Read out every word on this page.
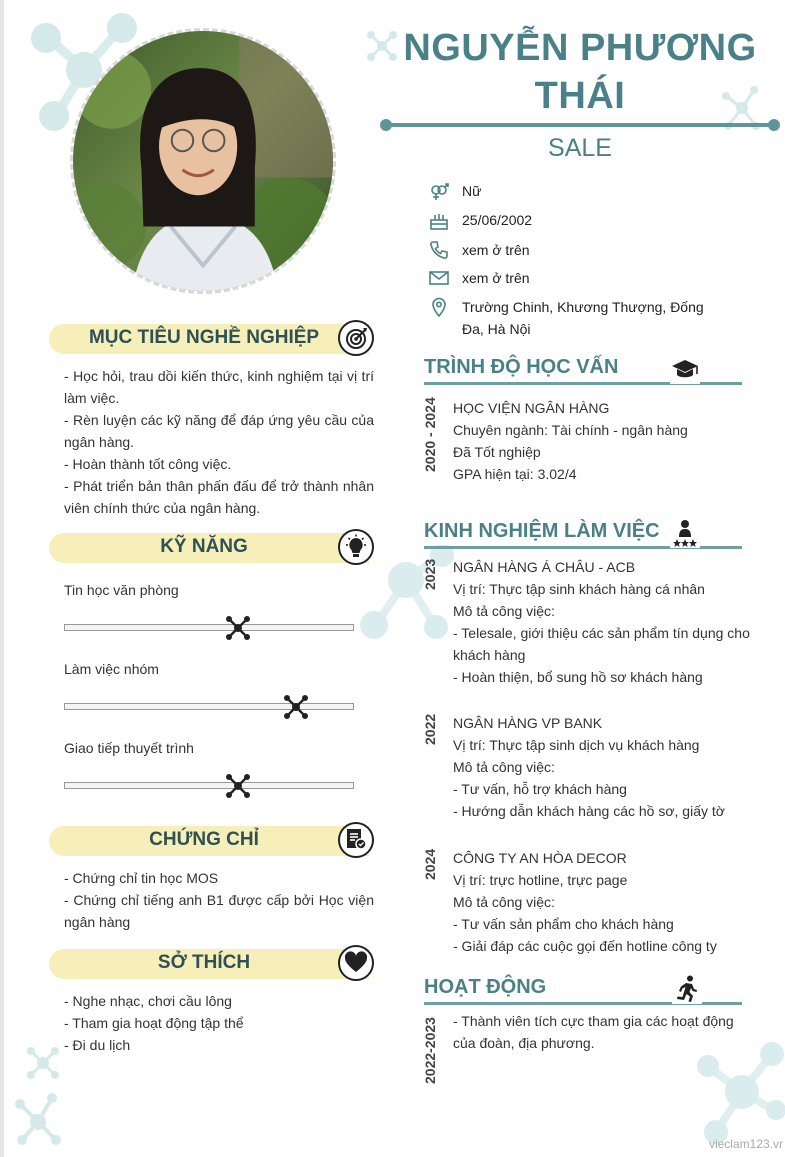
NGUYỄN PHƯƠNG
THÁI
SALE
Nữ
25/06/2002
xem ở trên
xem ở trên
Trường Chinh, Khương Thượng, Đống Đa, Hà Nội
MỤC TIÊU NGHỀ NGHIỆP
- Học hỏi, trau dồi kiến thức, kinh nghiệm tại vị trí làm việc.
- Rèn luyện các kỹ năng để đáp ứng yêu cầu của ngân hàng.
- Hoàn thành tốt công việc.
- Phát triển bản thân phấn đấu để trở thành nhân viên chính thức của ngân hàng.
KỸ NĂNG
Tin học văn phòng
Làm việc nhóm
Giao tiếp thuyết trình
CHỨNG CHỈ
- Chứng chỉ tin học MOS
- Chứng chỉ tiếng anh B1 được cấp bởi Học viện ngân hàng
SỞ THÍCH
- Nghe nhạc, chơi cầu lông
- Tham gia hoạt động tập thể
- Đi du lịch
TRÌNH ĐỘ HỌC VẤN
2020 - 2024 HỌC VIỆN NGÂN HÀNG
Chuyên ngành: Tài chính - ngân hàng
Đã Tốt nghiệp
GPA hiện tại: 3.02/4
KINH NGHIỆM LÀM VIỆC
2023 NGÂN HÀNG Á CHÂU - ACB
Vị trí: Thực tập sinh khách hàng cá nhân
Mô tả công việc:
- Telesale, giới thiệu các sản phẩm tín dụng cho khách hàng
- Hoàn thiện, bổ sung hồ sơ khách hàng
2022 NGÂN HÀNG VP BANK
Vị trí: Thực tập sinh dịch vụ khách hàng
Mô tả công việc:
- Tư vấn, hỗ trợ khách hàng
- Hướng dẫn khách hàng các hồ sơ, giấy tờ
2024 CÔNG TY AN HÒA DECOR
Vị trí: trực hotline, trực page
Mô tả công việc:
- Tư vấn sản phẩm cho khách hàng
- Giải đáp các cuộc gọi đến hotline công ty
HOẠT ĐỘNG
2022-2023 - Thành viên tích cực tham gia các hoạt động của đoàn, địa phương.
vieclam123.vr
